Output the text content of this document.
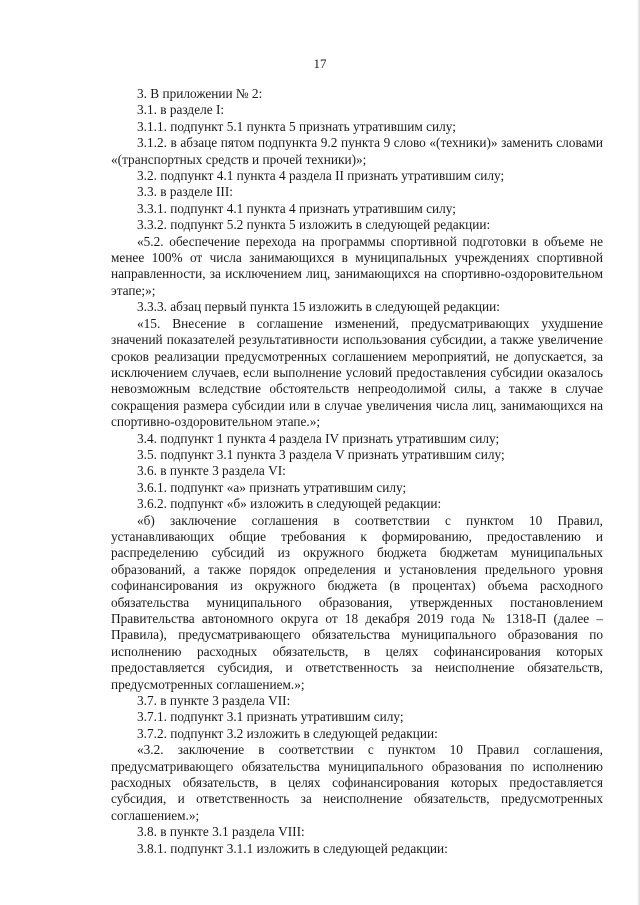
17

3. В приложении № 2:

3.1. в разделе I:

3.1.1. подпункт 5.1 пункта 5 признать утратившим силу;

3.1.2. в абзаце пятом подпункта 9.2 пункта 9 слово «(техники)» заменить словами «(транспортных средств и прочей техники)»;

3.2. подпункт 4.1 пункта 4 раздела II признать утратившим силу;

3.3. в разделе III:

3.3.1. подпункт 4.1 пункта 4 признать утратившим силу;

3.3.2. подпункт 5.2 пункта 5 изложить в следующей редакции:

«5.2. обеспечение перехода на программы спортивной подготовки в объеме не менее 100% от числа занимающихся в муниципальных учреждениях спортивной направленности, за исключением лиц, занимающихся на спортивно-оздоровительном этапе;»;

3.3.3. абзац первый пункта 15 изложить в следующей редакции:

«15. Внесение в соглашение изменений, предусматривающих ухудшение значений показателей результативности использования субсидии, а также увеличение сроков реализации предусмотренных соглашением мероприятий, не допускается, за исключением случаев, если выполнение условий предоставления субсидии оказалось невозможным вследствие обстоятельств непреодолимой силы, а также в случае сокращения размера субсидии или в случае увеличения числа лиц, занимающихся на спортивно-оздоровительном этапе.»;

3.4. подпункт 1 пункта 4 раздела IV признать утратившим силу;

3.5. подпункт 3.1 пункта 3 раздела V признать утратившим силу;

3.6. в пункте 3 раздела VI:

3.6.1. подпункт «а» признать утратившим силу;

3.6.2. подпункт «б» изложить в следующей редакции:

«б) заключение соглашения в соответствии с пунктом 10 Правил, устанавливающих общие требования к формированию, предоставлению и распределению субсидий из окружного бюджета бюджетам муниципальных образований, а также порядок определения и установления предельного уровня софинансирования из окружного бюджета (в процентах) объема расходного обязательства муниципального образования, утвержденных постановлением Правительства автономного округа от 18 декабря 2019 года № 1318-П (далее – Правила), предусматривающего обязательства муниципального образования по исполнению расходных обязательств, в целях софинансирования которых предоставляется субсидия, и ответственность за неисполнение обязательств, предусмотренных соглашением.»;

3.7. в пункте 3 раздела VII:

3.7.1. подпункт 3.1 признать утратившим силу;

3.7.2. подпункт 3.2 изложить в следующей редакции:

«3.2. заключение в соответствии с пунктом 10 Правил соглашения, предусматривающего обязательства муниципального образования по исполнению расходных обязательств, в целях софинансирования которых предоставляется субсидия, и ответственность за неисполнение обязательств, предусмотренных соглашением.»;

3.8. в пункте 3.1 раздела VIII:

3.8.1. подпункт 3.1.1 изложить в следующей редакции:
